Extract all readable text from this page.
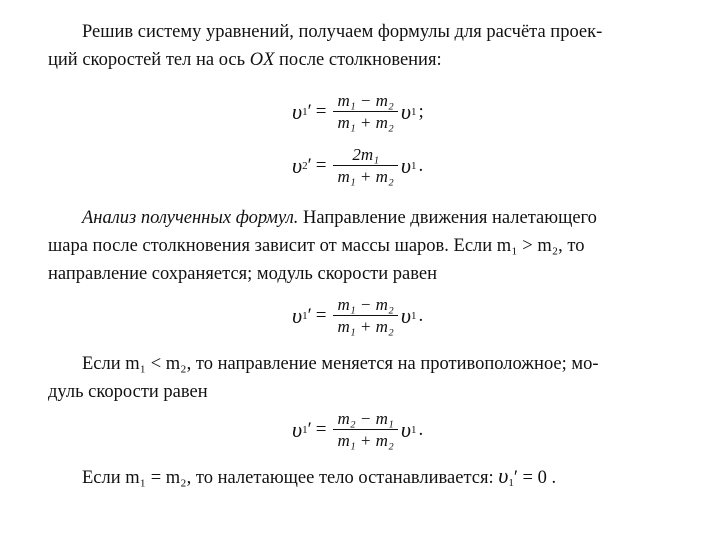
Решив систему уравнений, получаем формулы для расчёта проек-
ций скоростей тел на ось OX после столкновения:
υ 1 ′ = $\frac{\text{m₁ − m₂}}{\text{m₁ + m₂}}$ υ 1 ;
υ 2 ′ = $\frac{\text{2m₁}}{\text{m₁ + m₂}}$ υ 1 .
Анализ полученных формул. Направление движения налетающего
шара после столкновения зависит от массы шаров. Если m₁ > m₂, то
направление сохраняется; модуль скорости равен
υ 1 ′ = $\frac{\text{m₁ − m₂}}{\text{m₁ + m₂}}$ υ 1 .
Если m₁ < m₂, то направление меняется на противоположное; мо-
дуль скорости равен
υ 1 ′ = $\frac{\text{m₂ − m₁}}{\text{m₁ + m₂}}$ υ 1 .
Если m₁ = m₂, то налетающее тело останавливается: $\upsilon_1' = 0$ .
